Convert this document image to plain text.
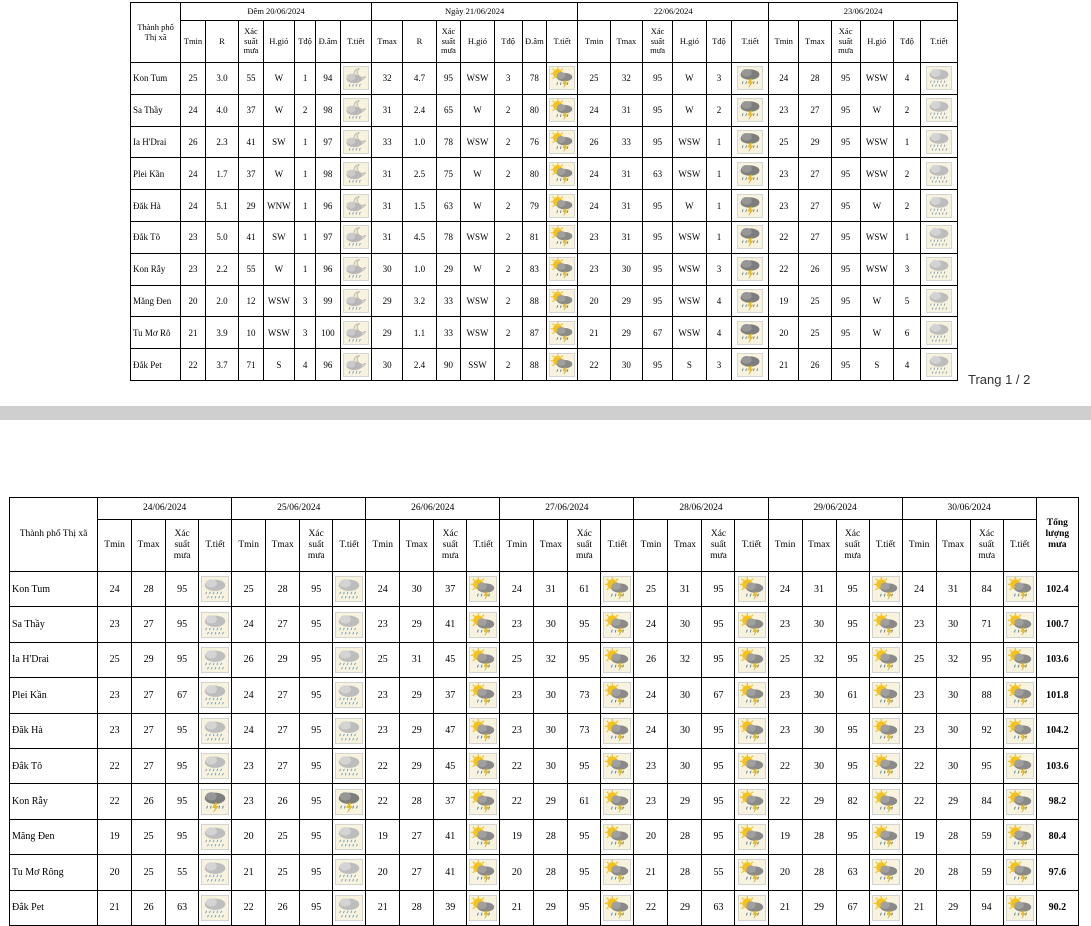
Thành phố Thị xã	Đêm 20/06/2024							Ngày 21/06/2024							22/06/2024						23/06/2024					
	Tmin	R	Xác suất mưa	H.gió	Tđộ	Đ.âm	T.tiết	Tmax	R	Xác suất mưa	H.gió	Tđộ	Đ.âm	T.tiết	Tmin	Tmax	Xác suất mưa	H.gió	Tđộ	T.tiết	Tmin	Tmax	Xác suất mưa	H.gió	Tđộ	T.tiết
Kon Tum	25	3.0	55	W	1	94		32	4.7	95	WSW	3	78		25	32	95	W	3		24	28	95	WSW	4	

Sa Thầy	24	4.0	37	W	2	98		31	2.4	65	W	2	80		24	31	95	W	2		23	27	95	W	2	

Ia H'Drai	26	2.3	41	SW	1	97		33	1.0	78	WSW	2	76		26	33	95	WSW	1		25	29	95	WSW	1	

Plei Kần	24	1.7	37	W	1	98		31	2.5	75	W	2	80		24	31	63	WSW	1		23	27	95	WSW	2	

Đăk Hà	24	5.1	29	WNW	1	96		31	1.5	63	W	2	79		24	31	95	W	1		23	27	95	W	2	

Đắk Tô	23	5.0	41	SW	1	97		31	4.5	78	WSW	2	81		23	31	95	WSW	1		22	27	95	WSW	1	

Kon Rẫy	23	2.2	55	W	1	96		30	1.0	29	W	2	83		23	30	95	WSW	3		22	26	95	WSW	3	

Măng Đen	20	2.0	12	WSW	3	99		29	3.2	33	WSW	2	88		20	29	95	WSW	4		19	25	95	W	5	

Tu Mơ Rô	21	3.9	10	WSW	3	100		29	1.1	33	WSW	2	87		21	29	67	WSW	4		20	25	95	W	6	

Đắk Pet	22	3.7	71	S	4	96		30	2.4	90	SSW	2	88		22	30	95	S	3		21	26	95	S	4	
Trang 1 / 2
Thành phố Thị xã	24/06/2024				25/06/2024				26/06/2024				27/06/2024				28/06/2024				29/06/2024				30/06/2024				Tổng lượng mưa
	Tmin	Tmax	Xác suất mưa	T.tiết	Tmin	Tmax	Xác suất mưa	T.tiết	Tmin	Tmax	Xác suất mưa	T.tiết	Tmin	Tmax	Xác suất mưa	T.tiết	Tmin	Tmax	Xác suất mưa	T.tiết	Tmin	Tmax	Xác suất mưa	T.tiết	Tmin	Tmax	Xác suất mưa	T.tiết	
Kon Tum	24	28	95		25	28	95		24	30	37		24	31	61		25	31	95		24	31	95		24	31	84		102.4
Sa Thầy	23	27	95		24	27	95		23	29	41		23	30	95		24	30	95		23	30	95		23	30	71		100.7
Ia H'Drai	25	29	95		26	29	95		25	31	45		25	32	95		26	32	95		25	32	95		25	32	95		103.6
Plei Kần	23	27	67		24	27	95		23	29	37		23	30	73		24	30	67		23	30	61		23	30	88		101.8
Đăk Hà	23	27	95		24	27	95		23	29	47		23	30	73		24	30	95		23	30	95		23	30	92		104.2
Đắk Tô	22	27	95		23	27	95		22	29	45		22	30	95		23	30	95		22	30	95		22	30	95		103.6
Kon Rẫy	22	26	95		23	26	95		22	28	37		22	29	61		23	29	95		22	29	82		22	29	84		98.2
Măng Đen	19	25	95		20	25	95		19	27	41		19	28	95		20	28	95		19	28	95		19	28	59		80.4
Tu Mơ Rông	20	25	55		21	25	95		20	27	41		20	28	95		21	28	55		20	28	63		20	28	59		97.6
Đắk Pet	21	26	63		22	26	95		21	28	39		21	29	95		22	29	63		21	29	67		21	29	94		90.2
